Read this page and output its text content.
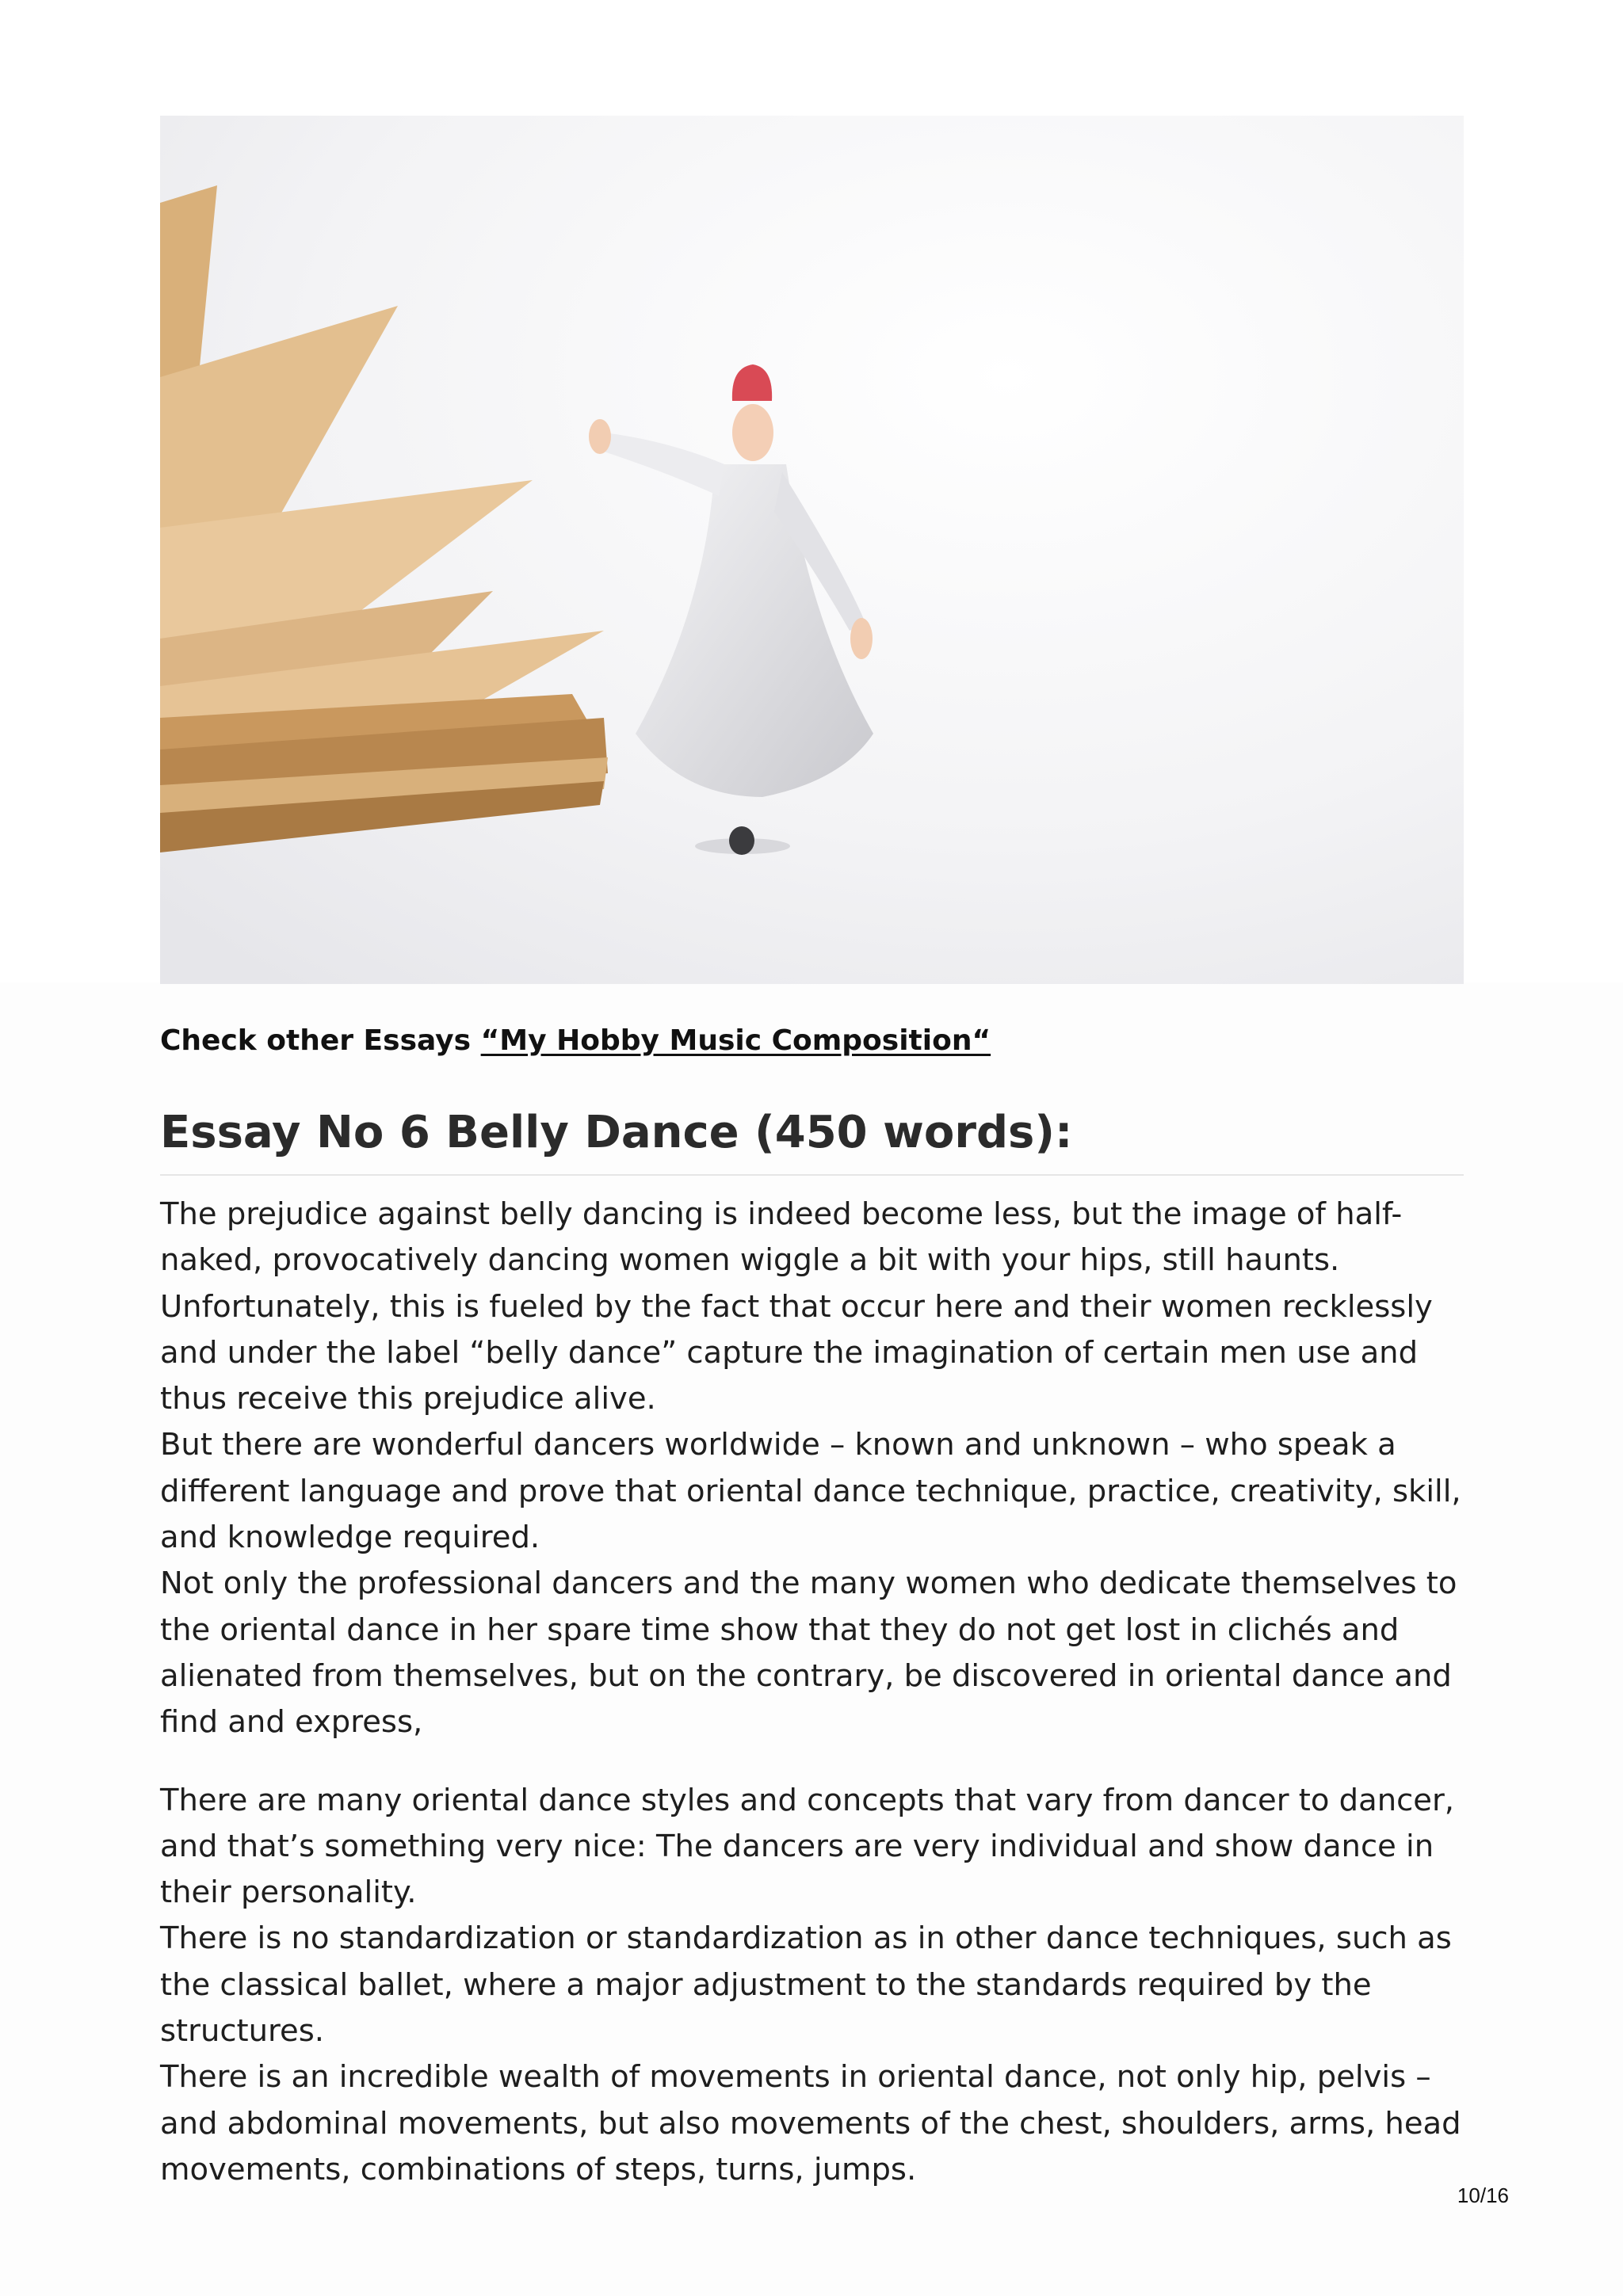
Check other Essays “My Hobby Music Composition“
Essay No 6 Belly Dance (450 words):

The prejudice against belly dancing is indeed become less, but the image of half-naked, provocatively dancing women wiggle a bit with your hips, still haunts.

Unfortunately, this is fueled by the fact that occur here and their women recklessly and under the label “belly dance” capture the imagination of certain men use and thus receive this prejudice alive.

But there are wonderful dancers worldwide – known and unknown – who speak a different language and prove that oriental dance technique, practice, creativity, skill, and knowledge required.

Not only the professional dancers and the many women who dedicate themselves to the oriental dance in her spare time show that they do not get lost in clichés and alienated from themselves, but on the contrary, be discovered in oriental dance and find and express,

There are many oriental dance styles and concepts that vary from dancer to dancer, and that’s something very nice: The dancers are very individual and show dance in their personality.

There is no standardization or standardization as in other dance techniques, such as the classical ballet, where a major adjustment to the standards required by the structures.

There is an incredible wealth of movements in oriental dance, not only hip, pelvis – and abdominal movements, but also movements of the chest, shoulders, arms, head movements, combinations of steps, turns, jumps.

10/16
